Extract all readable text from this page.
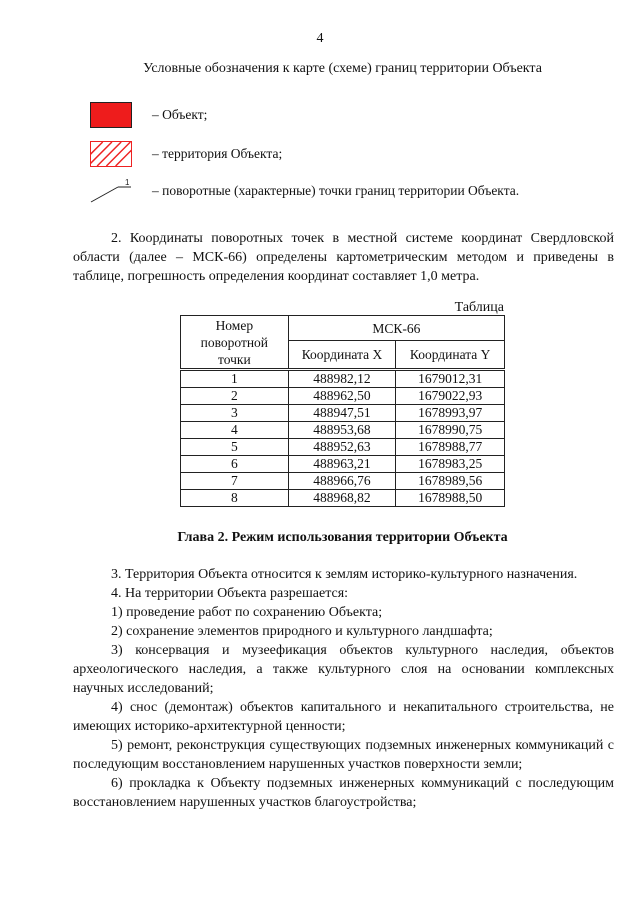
4
Условные обозначения к карте (схеме) границ территории Объекта
– Объект;
– территория Объекта;
1
– поворотные (характерные) точки границ территории Объекта.
2. Координаты поворотных точек в местной системе координат Свердловской области (далее – МСК-66) определены картометрическим методом и приведены в таблице, погрешность определения координат составляет 1,0 метра.
Таблица
Номер поворотной точки	МСК-66	
	Координата X	Координата Y
1	488982,12	1679012,31
2	488962,50	1679022,93
3	488947,51	1678993,97
4	488953,68	1678990,75
5	488952,63	1678988,77
6	488963,21	1678983,25
7	488966,76	1678989,56
8	488968,82	1678988,50
Глава 2. Режим использования территории Объекта

3. Территория Объекта относится к землям историко-культурного назначения.

4. На территории Объекта разрешается:

1) проведение работ по сохранению Объекта;

2) сохранение элементов природного и культурного ландшафта;

3) консервация и музеефикация объектов культурного наследия, объектов археологического наследия, а также культурного слоя на основании комплексных научных исследований;

4) снос (демонтаж) объектов капитального и некапитального строительства, не имеющих историко-архитектурной ценности;

5) ремонт, реконструкция существующих подземных инженерных коммуникаций с последующим восстановлением нарушенных участков поверхности земли;

6) прокладка к Объекту подземных инженерных коммуникаций с последующим восстановлением нарушенных участков благоустройства;
